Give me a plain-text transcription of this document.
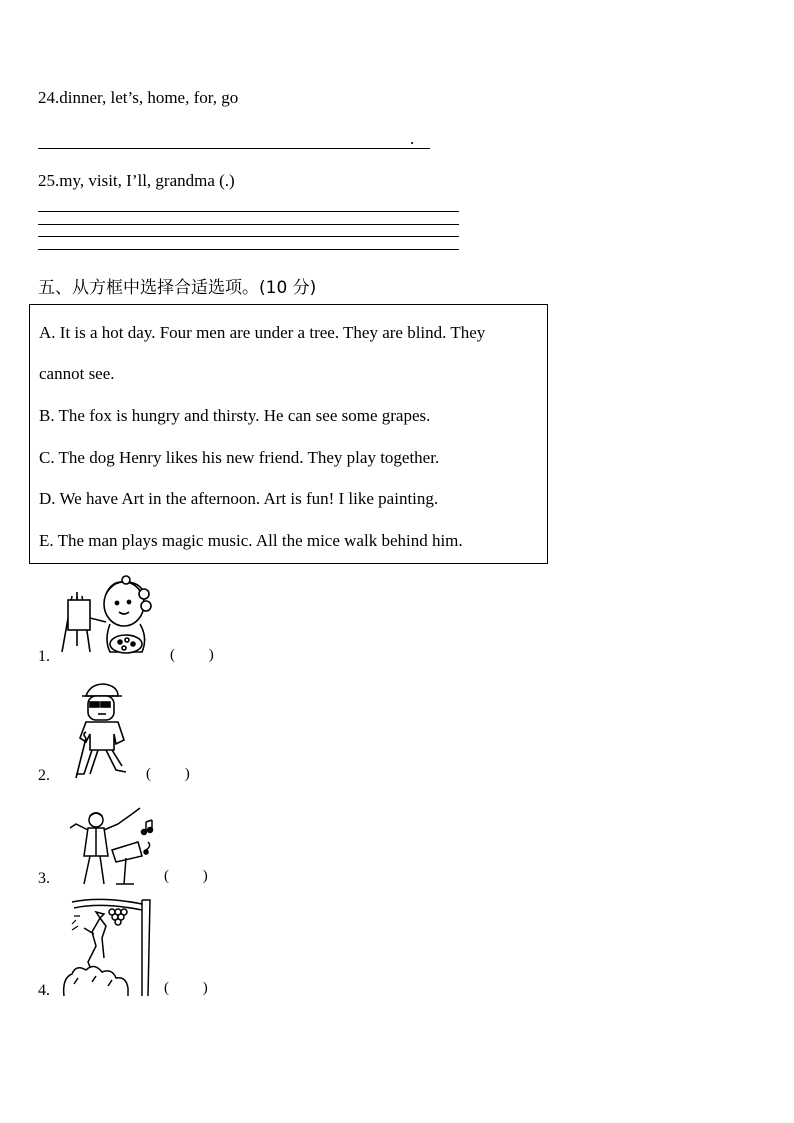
24.dinner, let’s, home, for, go
.
25.my, visit, I’ll, grandma (.)
五、从方框中选择合适选项。(10 分)
A. It is a hot day. Four men are under a tree. They are blind. They
cannot see.
B. The fox is hungry and thirsty. He can see some grapes.
C. The dog Henry likes his new friend. They play together.
D. We have Art in the afternoon. Art is fun! I like painting.
E. The man plays magic music. All the mice walk behind him.
1.	(         )
2.	(         )
3.	(         )
4.	(         )
